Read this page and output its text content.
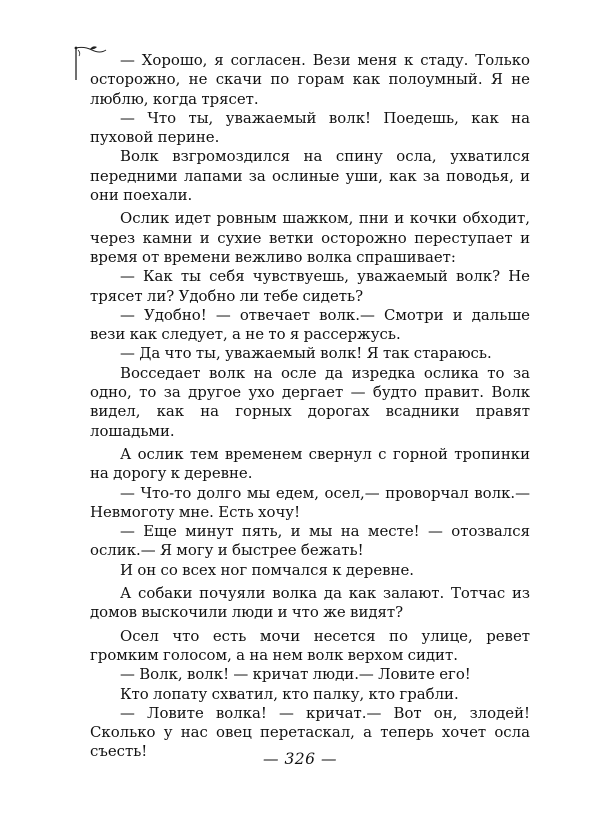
— Хорошо, я согласен. Вези меня к стаду. Только осторожно, не скачи по горам как полоумный. Я не люблю, когда трясет.

— Что ты, уважаемый волк! Поедешь, как на пуховой перине.

Волк взгромоздился на спину осла, ухватился передними лапами за ослиные уши, как за поводья, и они поехали.

Ослик идет ровным шажком, пни и кочки обходит, через камни и сухие ветки осторожно переступает и время от времени вежливо волка спрашивает:

— Как ты себя чувствуешь, уважаемый волк? Не трясет ли? Удобно ли тебе сидеть?

— Удобно! — отвечает волк.— Смотри и дальше вези как следует, а не то я рассержусь.

— Да что ты, уважаемый волк! Я так стараюсь.

Восседает волк на осле да изредка ослика то за одно, то за другое ухо дергает — будто правит. Волк видел, как на горных дорогах всадники правят лошадьми.

А ослик тем временем свернул с горной тропинки на дорогу к деревне.

— Что-то долго мы едем, осел,— проворчал волк.— Невмоготу мне. Есть хочу!

— Еще минут пять, и мы на месте! — отозвался ослик.— Я могу и быстрее бежать!

И он со всех ног помчался к деревне.

А собаки почуяли волка да как залают. Тотчас из домов выскочили люди и что же видят?

Осел что есть мочи несется по улице, ревет громким голосом, а на нем волк верхом сидит.

— Волк, волк! — кричат люди.— Ловите его!

Кто лопату схватил, кто палку, кто грабли.

— Ловите волка! — кричат.— Вот он, злодей! Сколько у нас овец перетаскал, а теперь хочет осла съесть!	— 326 —
